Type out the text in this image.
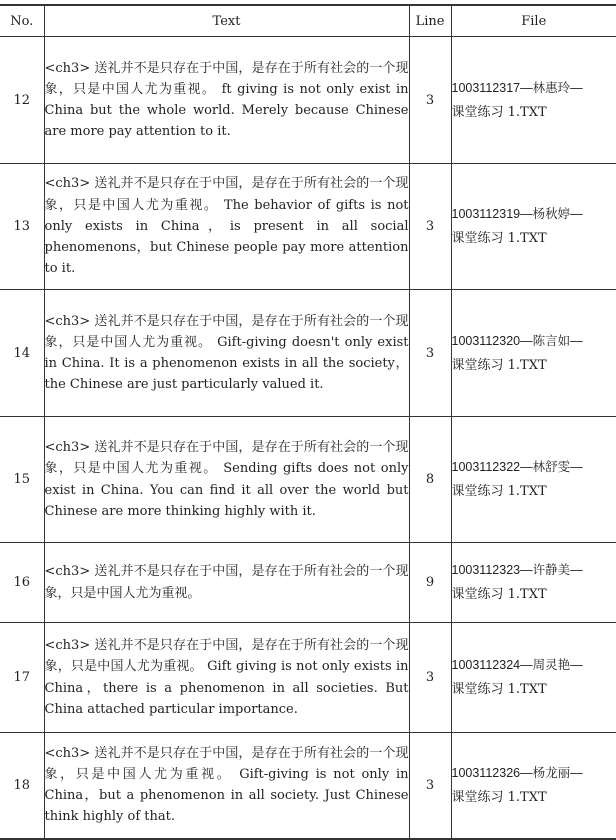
No.	Text	Line	File
12	<ch3> 送礼并不是只存在于中国，是存在于所有社会的一个现象，只是中国人尤为重视。 ft giving is not only exist in China but the whole world. Merely because Chinese are more pay attention to it.	3	1003112317—林惠玲—
课堂练习 1.TXT
13	<ch3> 送礼并不是只存在于中国，是存在于所有社会的一个现象，只是中国人尤为重视。 The behavior of gifts is not only exists in China，is present in all social phenomenons，but Chinese people pay more attention to it.	3	1003112319—杨秋婷—
课堂练习 1.TXT
14	<ch3> 送礼并不是只存在于中国，是存在于所有社会的一个现象，只是中国人尤为重视。 Gift-giving doesn't only exist in China. It is a phenomenon exists in all the society，the Chinese are just particularly valued it.	3	1003112320—陈言如—
课堂练习 1.TXT
15	<ch3> 送礼并不是只存在于中国，是存在于所有社会的一个现象，只是中国人尤为重视。 Sending gifts does not only exist in China. You can find it all over the world but Chinese are more thinking highly with it.	8	1003112322—林舒雯—
课堂练习 1.TXT
16	<ch3> 送礼并不是只存在于中国，是存在于所有社会的一个现象，只是中国人尤为重视。	9	1003112323—许静美—
课堂练习 1.TXT
17	<ch3> 送礼并不是只存在于中国，是存在于所有社会的一个现象，只是中国人尤为重视。 Gift giving is not only exists in China，there is a phenomenon in all societies. But China attached particular importance.	3	1003112324—周灵艳—
课堂练习 1.TXT
18	<ch3> 送礼并不是只存在于中国，是存在于所有社会的一个现象，只是中国人尤为重视。 Gift-giving is not only in China，but a phenomenon in all society. Just Chinese think highly of that.	3	1003112326—杨龙丽—
课堂练习 1.TXT
